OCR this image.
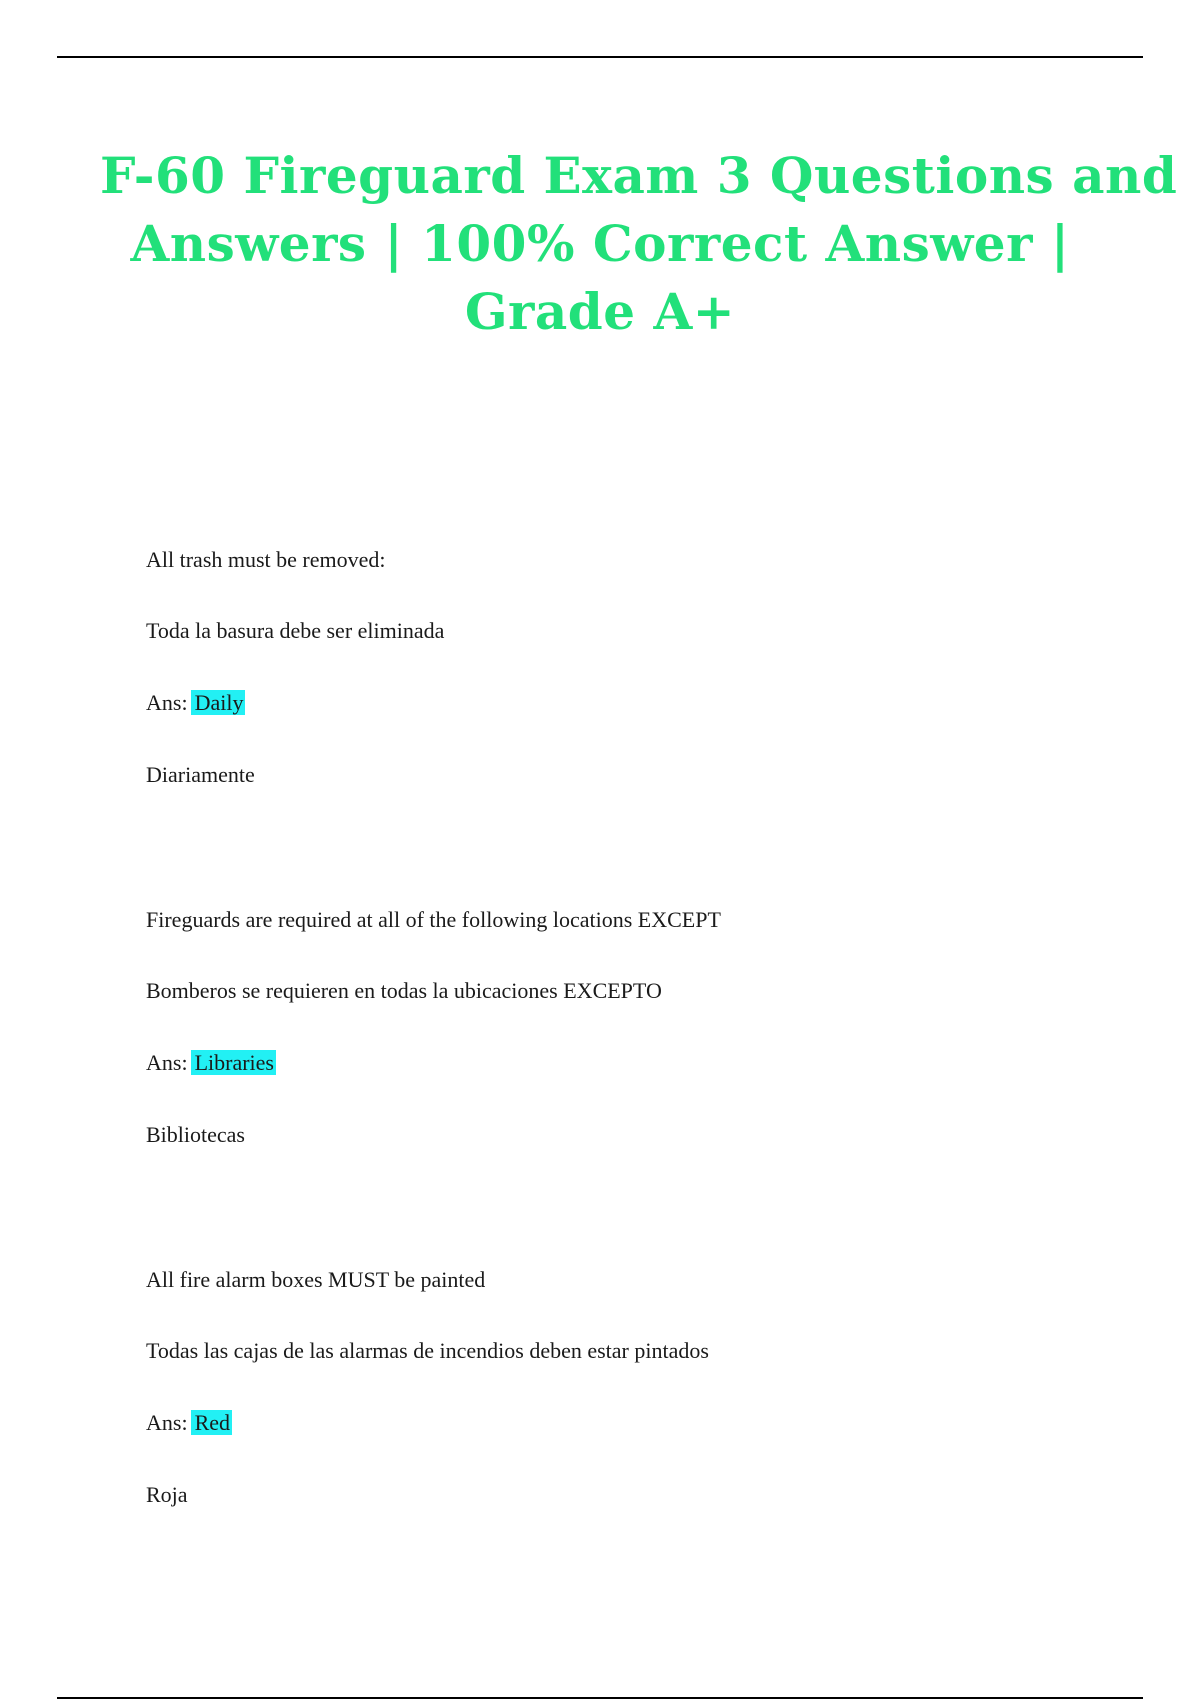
F-60 Fireguard Exam 3 Questions and
Answers | 100% Correct Answer |
Grade A+
All trash must be removed:
Toda la basura debe ser eliminada
Ans: Daily
Diariamente
Fireguards are required at all of the following locations EXCEPT
Bomberos se requieren en todas la ubicaciones EXCEPTO
Ans: Libraries
Bibliotecas
All fire alarm boxes MUST be painted
Todas las cajas de las alarmas de incendios deben estar pintados
Ans: Red
Roja
